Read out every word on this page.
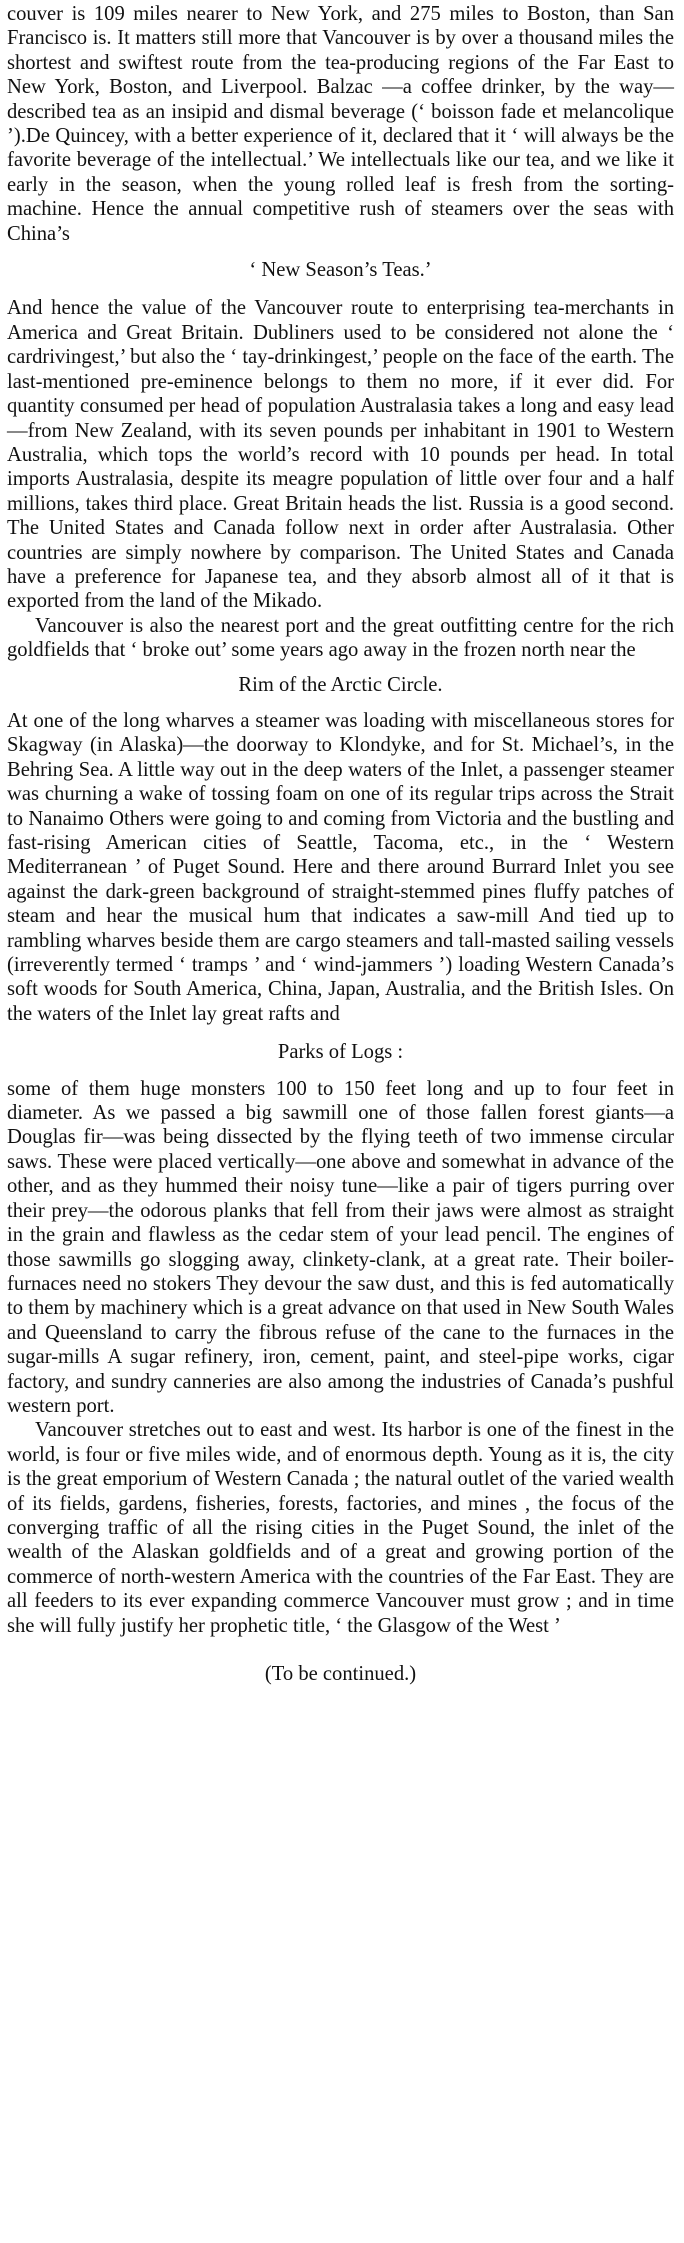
couver is 109 miles nearer to New York, and 275 miles to Boston, than San Francisco is. It matters still more that Vancouver is by over a thousand miles the shortest and swiftest route from the tea-producing regions of the Far East to New York, Boston, and Liverpool. Balzac —a coffee drinker, by the way—described tea as an insipid and dismal beverage (‘ boisson fade et melancolique ’).De Quincey, with a better experience of it, declared that it ‘ will always be the favorite beverage of the intellectual.’ We intellectuals like our tea, and we like it early in the season, when the young rolled leaf is fresh from the sorting-machine. Hence the annual competitive rush of steamers over the seas with China’s

‘ New Season’s Teas.’

And hence the value of the Vancouver route to enterprising tea-merchants in America and Great Britain. Dubliners used to be considered not alone the ‘ cardrivingest,’ but also the ‘ tay-drinkingest,’ people on the face of the earth. The last-mentioned pre-eminence belongs to them no more, if it ever did. For quantity consumed per head of population Australasia takes a long and easy lead—from New Zealand, with its seven pounds per inhabitant in 1901 to Western Australia, which tops the world’s record with 10 pounds per head. In total imports Australasia, despite its meagre population of little over four and a half millions, takes third place. Great Britain heads the list. Russia is a good second. The United States and Canada follow next in order after Australasia. Other countries are simply nowhere by comparison. The United States and Canada have a preference for Japanese tea, and they absorb almost all of it that is exported from the land of the Mikado.

Vancouver is also the nearest port and the great outfitting centre for the rich goldfields that ‘ broke out’ some years ago away in the frozen north near the

Rim of the Arctic Circle.

At one of the long wharves a steamer was loading with miscellaneous stores for Skagway (in Alaska)—the doorway to Klondyke, and for St. Michael’s, in the Behring Sea. A little way out in the deep waters of the Inlet, a passenger steamer was churning a wake of tossing foam on one of its regular trips across the Strait to Nanaimo Others were going to and coming from Victoria and the bustling and fast-rising American cities of Seattle, Tacoma, etc., in the ‘ Western Mediterranean ’ of Puget Sound. Here and there around Burrard Inlet you see against the dark-green background of straight-stemmed pines fluffy patches of steam and hear the musical hum that indicates a saw-mill And tied up to rambling wharves beside them are cargo steamers and tall-masted sailing vessels (irreverently termed ‘ tramps ’ and ‘ wind-jammers ’) loading Western Canada’s soft woods for South America, China, Japan, Australia, and the British Isles. On the waters of the Inlet lay great rafts and

Parks of Logs :

some of them huge monsters 100 to 150 feet long and up to four feet in diameter. As we passed a big sawmill one of those fallen forest giants—a Douglas fir—was being dissected by the flying teeth of two immense circular saws. These were placed vertically—one above and somewhat in advance of the other, and as they hummed their noisy tune—like a pair of tigers purring over their prey—the odorous planks that fell from their jaws were almost as straight in the grain and flawless as the cedar stem of your lead pencil. The engines of those sawmills go slogging away, clinkety-clank, at a great rate. Their boiler-furnaces need no stokers They devour the saw dust, and this is fed automatically to them by machinery which is a great advance on that used in New South Wales and Queensland to carry the fibrous refuse of the cane to the furnaces in the sugar-mills A sugar refinery, iron, cement, paint, and steel-pipe works, cigar factory, and sundry canneries are also among the industries of Canada’s pushful western port.

Vancouver stretches out to east and west. Its harbor is one of the finest in the world, is four or five miles wide, and of enormous depth. Young as it is, the city is the great emporium of Western Canada ; the natural outlet of the varied wealth of its fields, gardens, fisheries, forests, factories, and mines , the focus of the converging traffic of all the rising cities in the Puget Sound, the inlet of the wealth of the Alaskan goldfields and of a great and growing portion of the commerce of north-western America with the countries of the Far East. They are all feeders to its ever expanding commerce Vancouver must grow ; and in time she will fully justify her prophetic title, ‘ the Glasgow of the West ’

(To be continued.)
